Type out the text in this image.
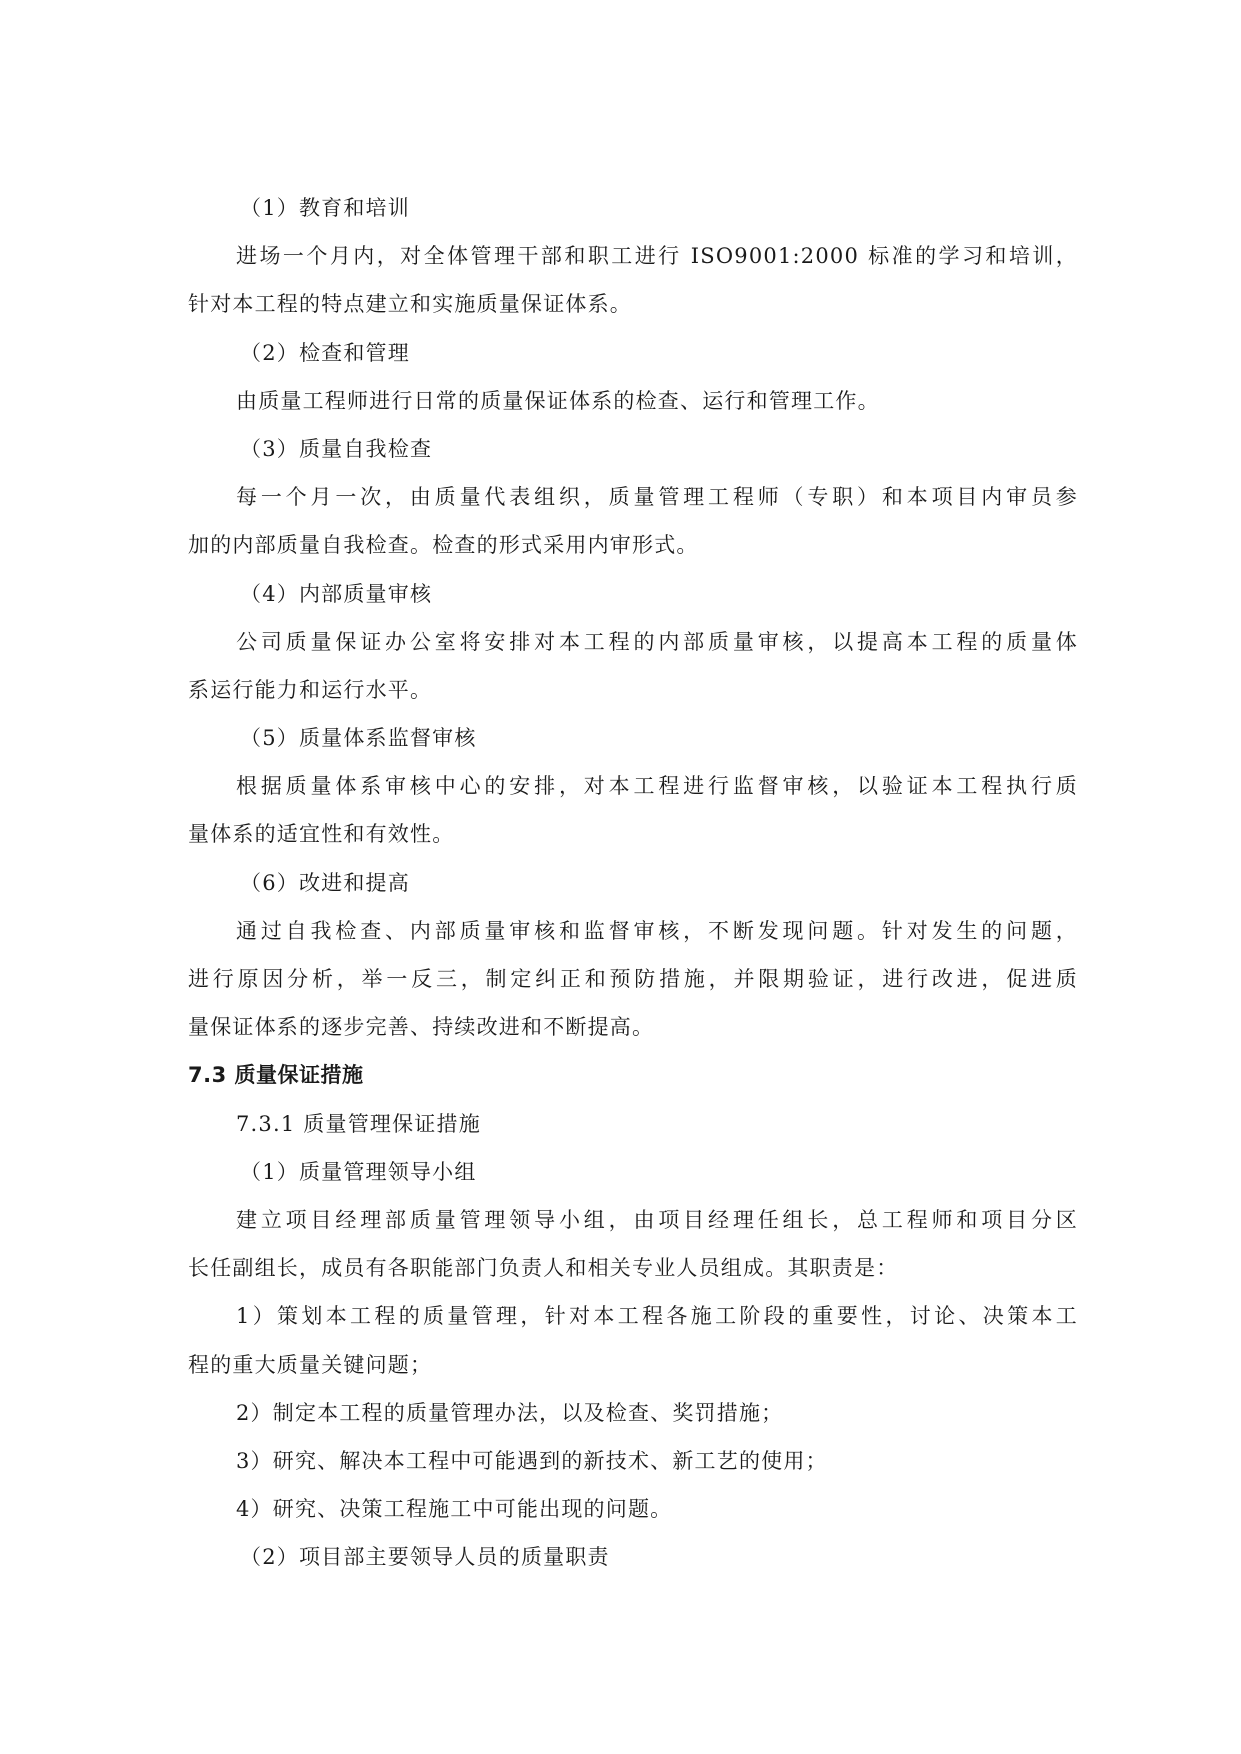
（1）教育和培训
进场一个月内，对全体管理干部和职工进行 ISO9001:2000 标准的学习和培训，
针对本工程的特点建立和实施质量保证体系。
（2）检查和管理
由质量工程师进行日常的质量保证体系的检查、运行和管理工作。
（3）质量自我检查
每一个月一次，由质量代表组织，质量管理工程师（专职）和本项目内审员参
加的内部质量自我检查。检查的形式采用内审形式。
（4）内部质量审核
公司质量保证办公室将安排对本工程的内部质量审核，以提高本工程的质量体
系运行能力和运行水平。
（5）质量体系监督审核
根据质量体系审核中心的安排，对本工程进行监督审核，以验证本工程执行质
量体系的适宜性和有效性。
（6）改进和提高
通过自我检查、内部质量审核和监督审核，不断发现问题。针对发生的问题，
进行原因分析，举一反三，制定纠正和预防措施，并限期验证，进行改进，促进质
量保证体系的逐步完善、持续改进和不断提高。
7.3 质量保证措施
7.3.1 质量管理保证措施
（1）质量管理领导小组
建立项目经理部质量管理领导小组，由项目经理任组长，总工程师和项目分区
长任副组长，成员有各职能部门负责人和相关专业人员组成。其职责是：
1）策划本工程的质量管理，针对本工程各施工阶段的重要性，讨论、决策本工
程的重大质量关键问题；
2）制定本工程的质量管理办法，以及检查、奖罚措施；
3）研究、解决本工程中可能遇到的新技术、新工艺的使用；
4）研究、决策工程施工中可能出现的问题。
（2）项目部主要领导人员的质量职责
